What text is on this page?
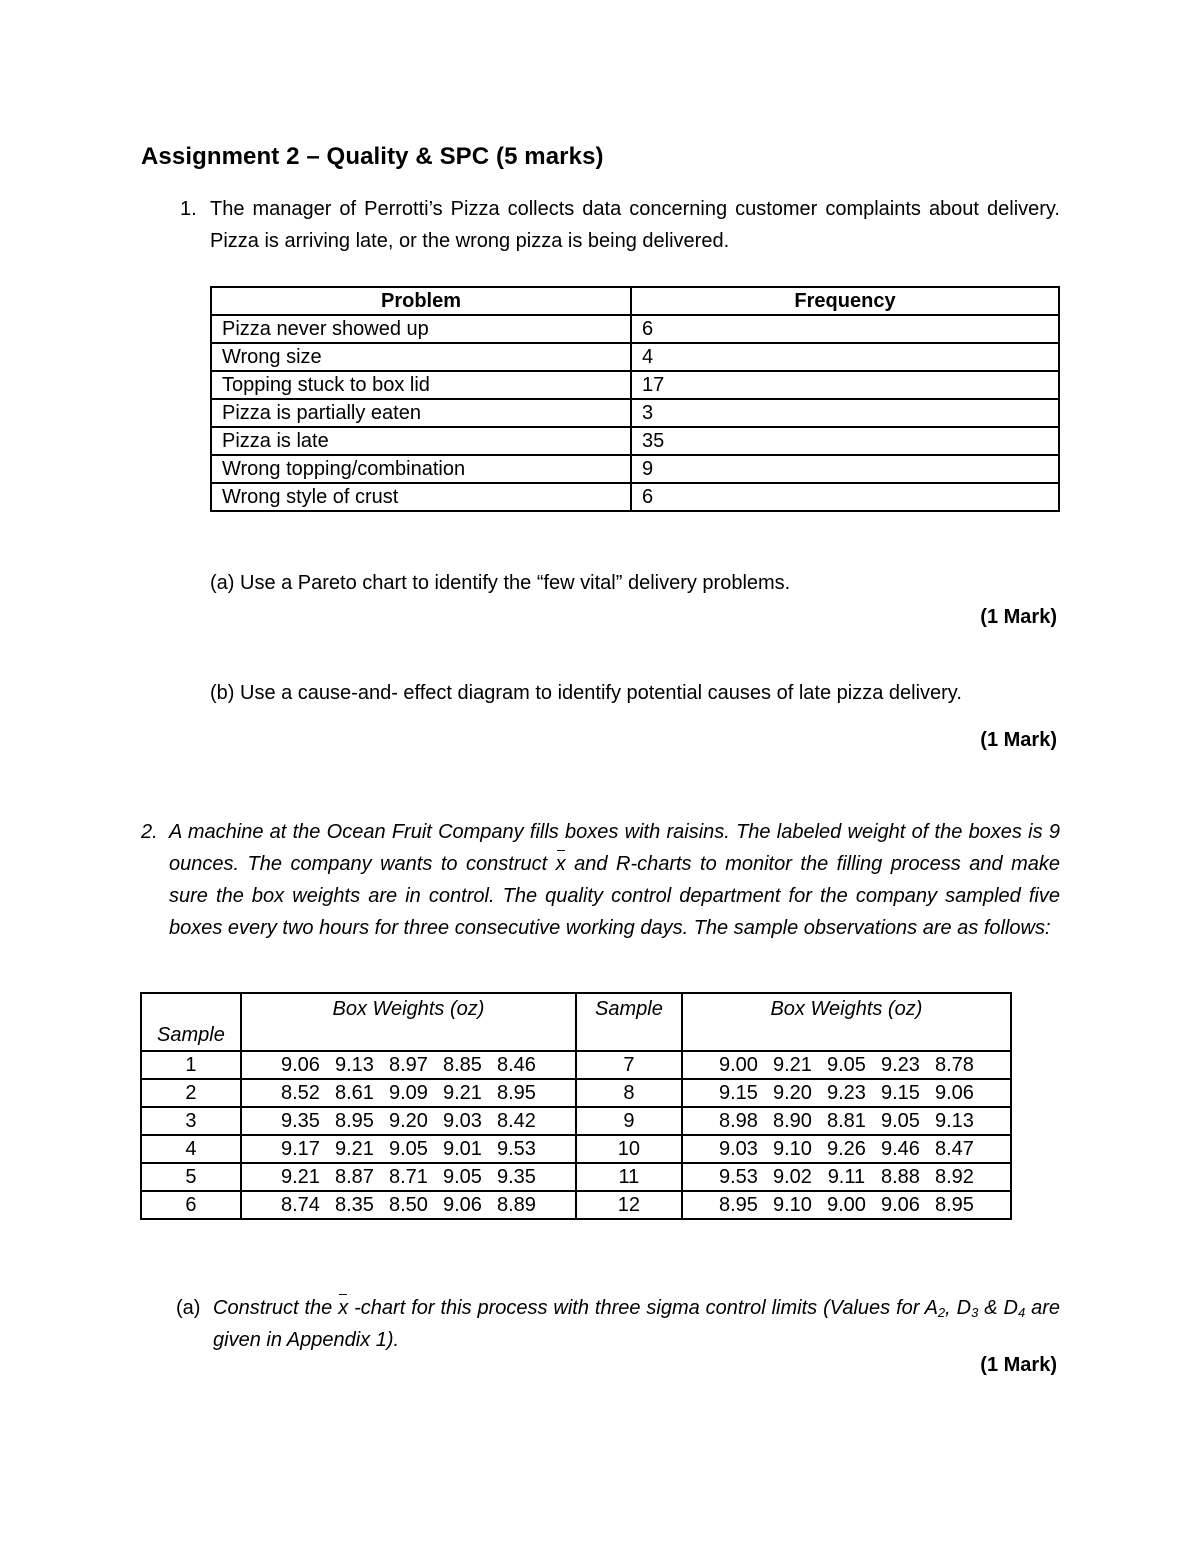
Assignment 2 – Quality & SPC (5 marks)
1. The manager of Perrotti’s Pizza collects data concerning customer complaints about delivery. Pizza is arriving late, or the wrong pizza is being delivered.
Problem	Frequency
Pizza never showed up	6
Wrong size	4
Topping stuck to box lid	17
Pizza is partially eaten	3
Pizza is late	35
Wrong topping/combination	9
Wrong style of crust	6

(a) Use a Pareto chart to identify the “few vital” delivery problems.

(1 Mark)

(b) Use a cause-and- effect diagram to identify potential causes of late pizza delivery.

(1 Mark)

2. A machine at the Ocean Fruit Company fills boxes with raisins. The labeled weight of the boxes is 9 ounces. The company wants to construct x and R-charts to monitor the filling process and make sure the box weights are in control. The quality control department for the company sampled five boxes every two hours for three consecutive working days. The sample observations are as follows:
Sample	Box Weights (oz)	Sample	Box Weights (oz)
1	9.06 9.13 8.97 8.85 8.46	7	9.00 9.21 9.05 9.23 8.78
2	8.52 8.61 9.09 9.21 8.95	8	9.15 9.20 9.23 9.15 9.06
3	9.35 8.95 9.20 9.03 8.42	9	8.98 8.90 8.81 9.05 9.13
4	9.17 9.21 9.05 9.01 9.53	10	9.03 9.10 9.26 9.46 8.47
5	9.21 8.87 8.71 9.05 9.35	11	9.53 9.02 9.11 8.88 8.92
6	8.74 8.35 8.50 9.06 8.89	12	8.95 9.10 9.00 9.06 8.95
(a) Construct the x -chart for this process with three sigma control limits (Values for $A_2$, $D_3$ & $D_4$ are given in Appendix 1).

(1 Mark)
